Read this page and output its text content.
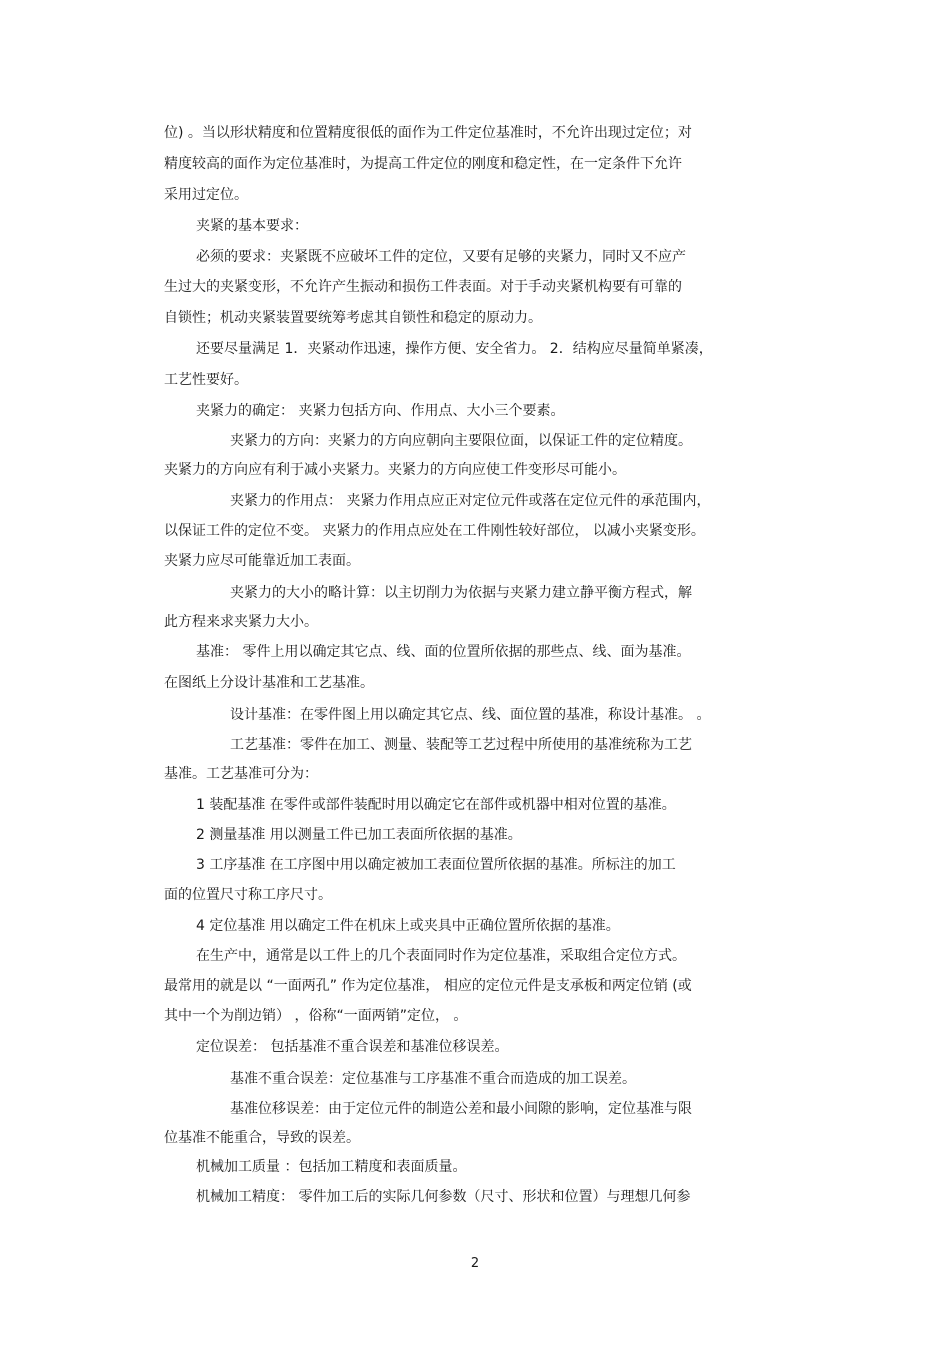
位) 。当以形状精度和位置精度很低的面作为工件定位基准时，不允许出现过定位；对
精度较高的面作为定位基准时，为提高工件定位的刚度和稳定性，在一定条件下允许
采用过定位。
夹紧的基本要求：
必须的要求：夹紧既不应破坏工件的定位，又要有足够的夹紧力，同时又不应产
生过大的夹紧变形，不允许产生振动和损伤工件表面。对于手动夹紧机构要有可靠的
自锁性；机动夹紧装置要统筹考虑其自锁性和稳定的原动力。
还要尽量满足 1．夹紧动作迅速，操作方便、安全省力。 2．结构应尽量简单紧凑，
工艺性要好。
夹紧力的确定： 夹紧力包括方向、作用点、大小三个要素。
夹紧力的方向：夹紧力的方向应朝向主要限位面，以保证工件的定位精度。
夹紧力的方向应有利于减小夹紧力。夹紧力的方向应使工件变形尽可能小。
夹紧力的作用点： 夹紧力作用点应正对定位元件或落在定位元件的承范围内，
以保证工件的定位不变。 夹紧力的作用点应处在工件刚性较好部位， 以减小夹紧变形。
夹紧力应尽可能靠近加工表面。
夹紧力的大小的略计算：以主切削力为依据与夹紧力建立静平衡方程式，解
此方程来求夹紧力大小。
基准： 零件上用以确定其它点、线、面的位置所依据的那些点、线、面为基准。
在图纸上分设计基准和工艺基准。
设计基准：在零件图上用以确定其它点、线、面位置的基准，称设计基准。 。
工艺基准：零件在加工、测量、装配等工艺过程中所使用的基准统称为工艺
基准。工艺基准可分为：
1 装配基准 在零件或部件装配时用以确定它在部件或机器中相对位置的基准。
2 测量基准 用以测量工件已加工表面所依据的基准。
3 工序基准 在工序图中用以确定被加工表面位置所依据的基准。所标注的加工
面的位置尺寸称工序尺寸。
4 定位基准 用以确定工件在机床上或夹具中正确位置所依据的基准。
在生产中，通常是以工件上的几个表面同时作为定位基准，采取组合定位方式。
最常用的就是以 “一面两孔” 作为定位基准， 相应的定位元件是支承板和两定位销 (或
其中一个为削边销） ，俗称“一面两销”定位， 。
定位误差： 包括基准不重合误差和基准位移误差。
基准不重合误差：定位基准与工序基准不重合而造成的加工误差。
基准位移误差：由于定位元件的制造公差和最小间隙的影响，定位基准与限
位基准不能重合，导致的误差。
机械加工质量 ：包括加工精度和表面质量。
机械加工精度： 零件加工后的实际几何参数（尺寸、形状和位置）与理想几何参
2
